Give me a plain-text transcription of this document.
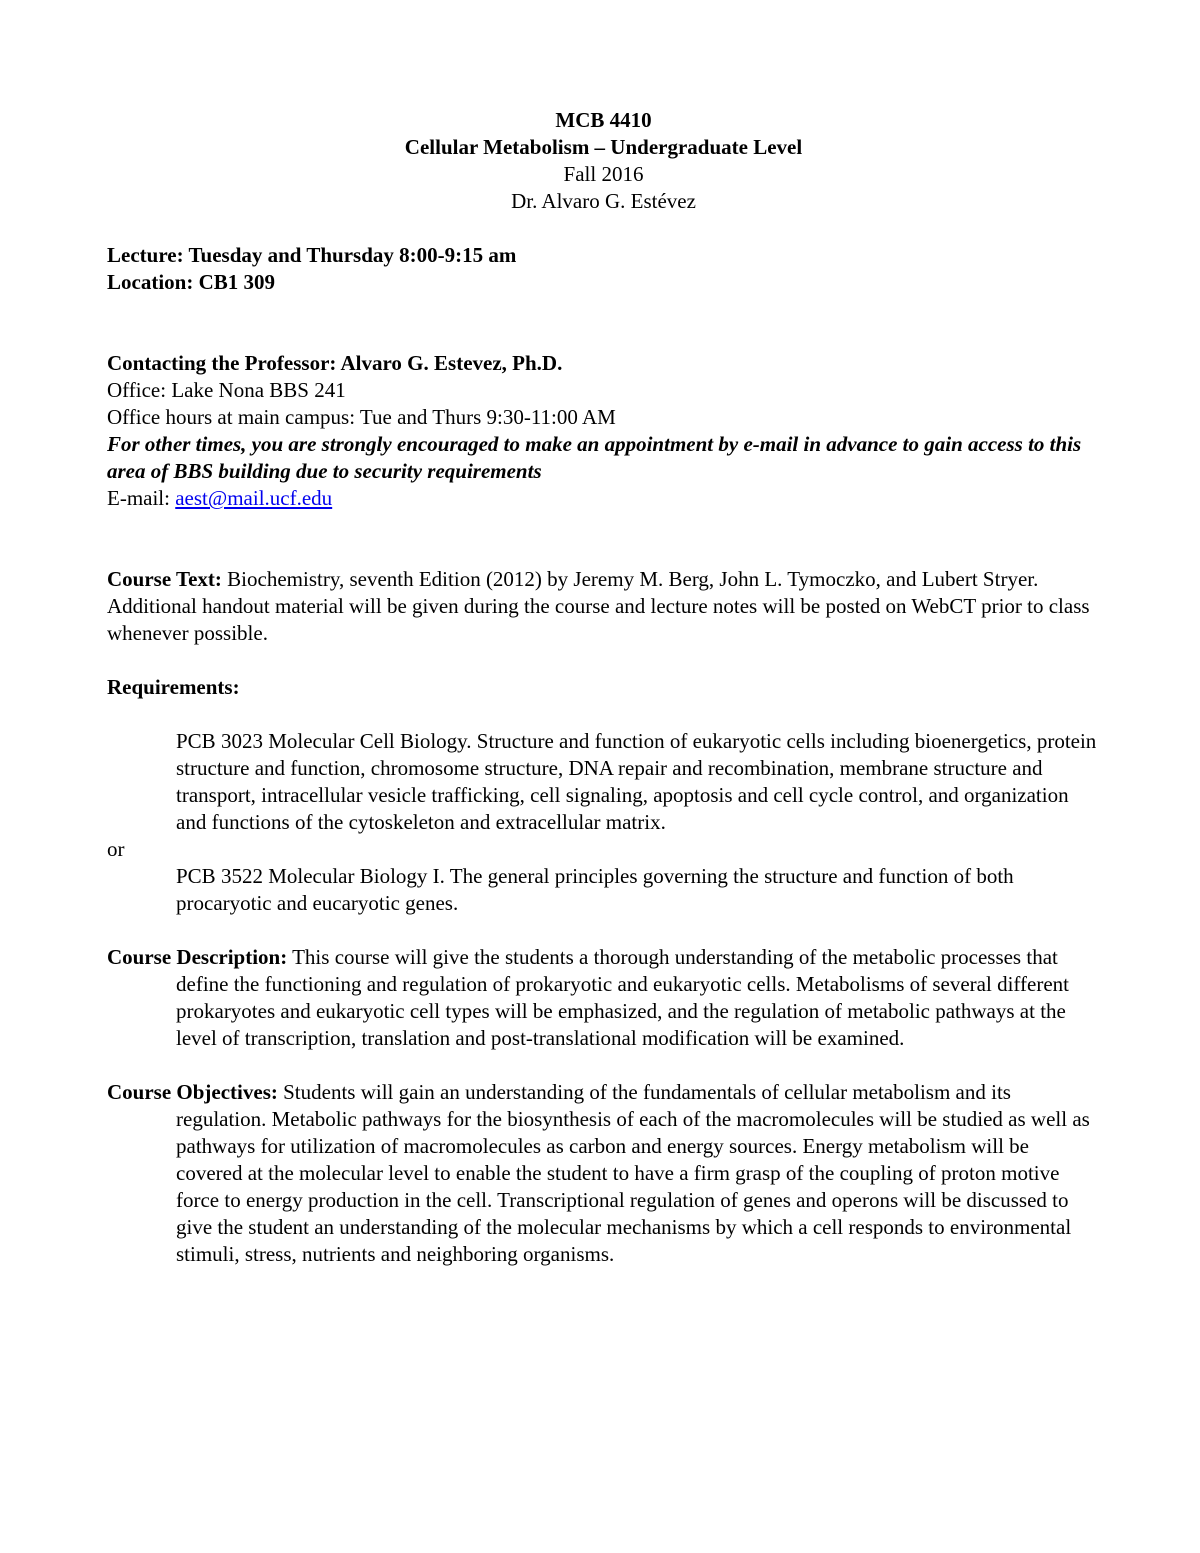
MCB 4410
Cellular Metabolism – Undergraduate Level
Fall 2016
Dr. Alvaro G. Estévez
Lecture: Tuesday and Thursday 8:00-9:15 am
Location: CB1 309
Contacting the Professor: Alvaro G. Estevez, Ph.D.
Office: Lake Nona BBS 241
Office hours at main campus: Tue and Thurs 9:30-11:00 AM
For other times, you are strongly encouraged to make an appointment by e-mail in advance to gain access to this area of BBS building due to security requirements
E-mail: aest@mail.ucf.edu

Course Text: Biochemistry, seventh Edition (2012) by Jeremy M. Berg, John L. Tymoczko, and Lubert Stryer. Additional handout material will be given during the course and lecture notes will be posted on WebCT prior to class whenever possible.

Requirements:

PCB 3023 Molecular Cell Biology. Structure and function of eukaryotic cells including bioenergetics, protein structure and function, chromosome structure, DNA repair and recombination, membrane structure and transport, intracellular vesicle trafficking, cell signaling, apoptosis and cell cycle control, and organization and functions of the cytoskeleton and extracellular matrix.

or

PCB 3522 Molecular Biology I. The general principles governing the structure and function of both procaryotic and eucaryotic genes.

Course Description: This course will give the students a thorough understanding of the metabolic processes that define the functioning and regulation of prokaryotic and eukaryotic cells. Metabolisms of several different prokaryotes and eukaryotic cell types will be emphasized, and the regulation of metabolic pathways at the level of transcription, translation and post-translational modification will be examined.

Course Objectives: Students will gain an understanding of the fundamentals of cellular metabolism and its regulation. Metabolic pathways for the biosynthesis of each of the macromolecules will be studied as well as pathways for utilization of macromolecules as carbon and energy sources. Energy metabolism will be covered at the molecular level to enable the student to have a firm grasp of the coupling of proton motive force to energy production in the cell. Transcriptional regulation of genes and operons will be discussed to give the student an understanding of the molecular mechanisms by which a cell responds to environmental stimuli, stress, nutrients and neighboring organisms.
